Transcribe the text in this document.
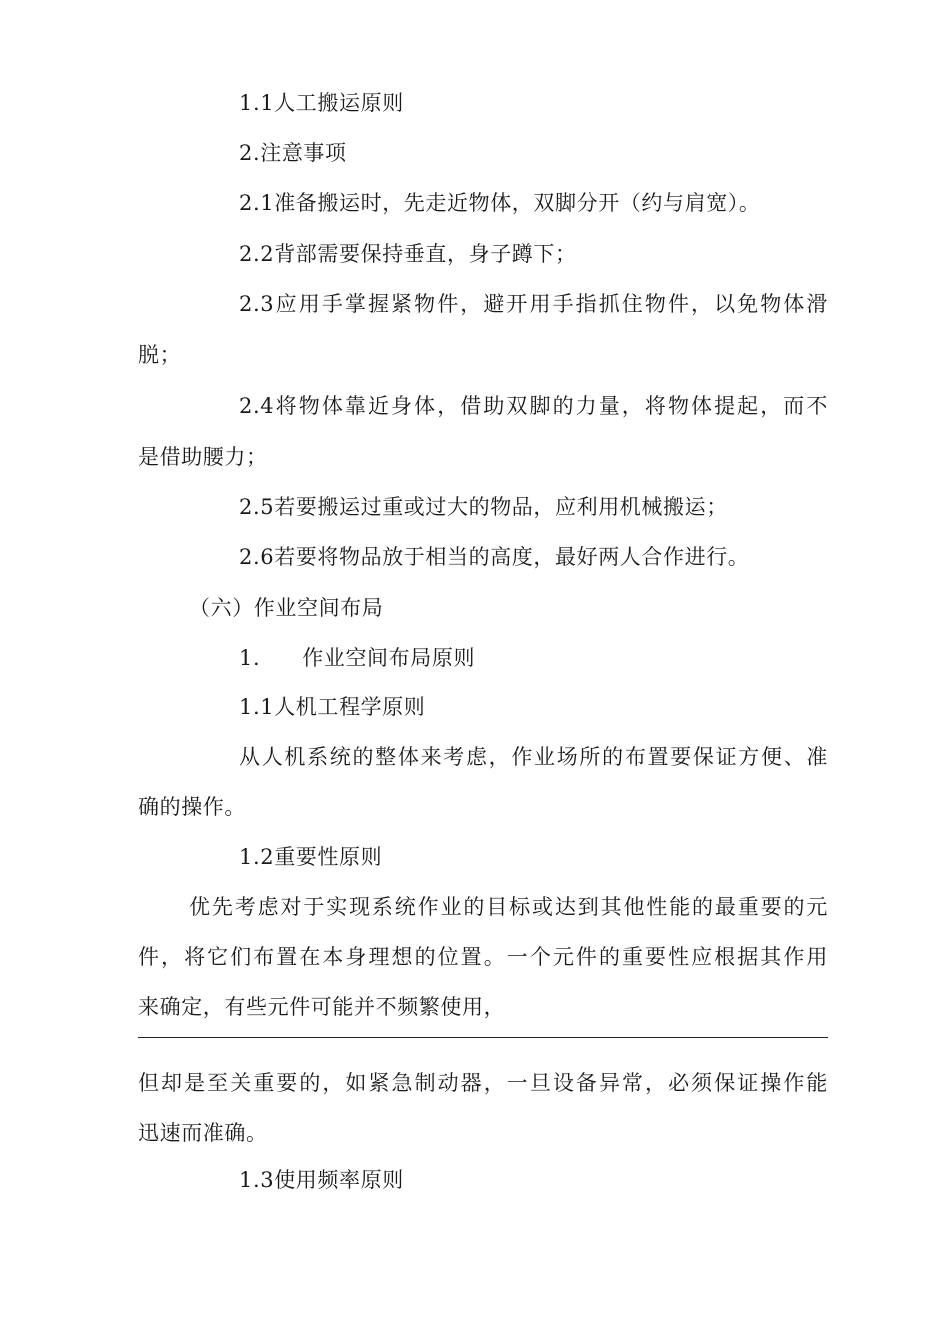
1.1人工搬运原则
2.注意事项
2.1准备搬运时，先走近物体，双脚分开（约与肩宽）。
2.2背部需要保持垂直，身子蹲下；
2.3应用手掌握紧物件，避开用手指抓住物件，以免物体滑
脱；
2.4将物体靠近身体，借助双脚的力量，将物体提起，而不
是借助腰力；
2.5若要搬运过重或过大的物品，应利用机械搬运；
2.6若要将物品放于相当的高度，最好两人合作进行。
（六）作业空间布局
1. 作业空间布局原则
1.1人机工程学原则
从人机系统的整体来考虑，作业场所的布置要保证方便、准
确的操作。
1.2重要性原则
优先考虑对于实现系统作业的目标或达到其他性能的最重要的元
件，将它们布置在本身理想的位置。一个元件的重要性应根据其作用
来确定，有些元件可能并不频繁使用，
但却是至关重要的，如紧急制动器，一旦设备异常，必须保证操作能
迅速而准确。
1.3使用频率原则
